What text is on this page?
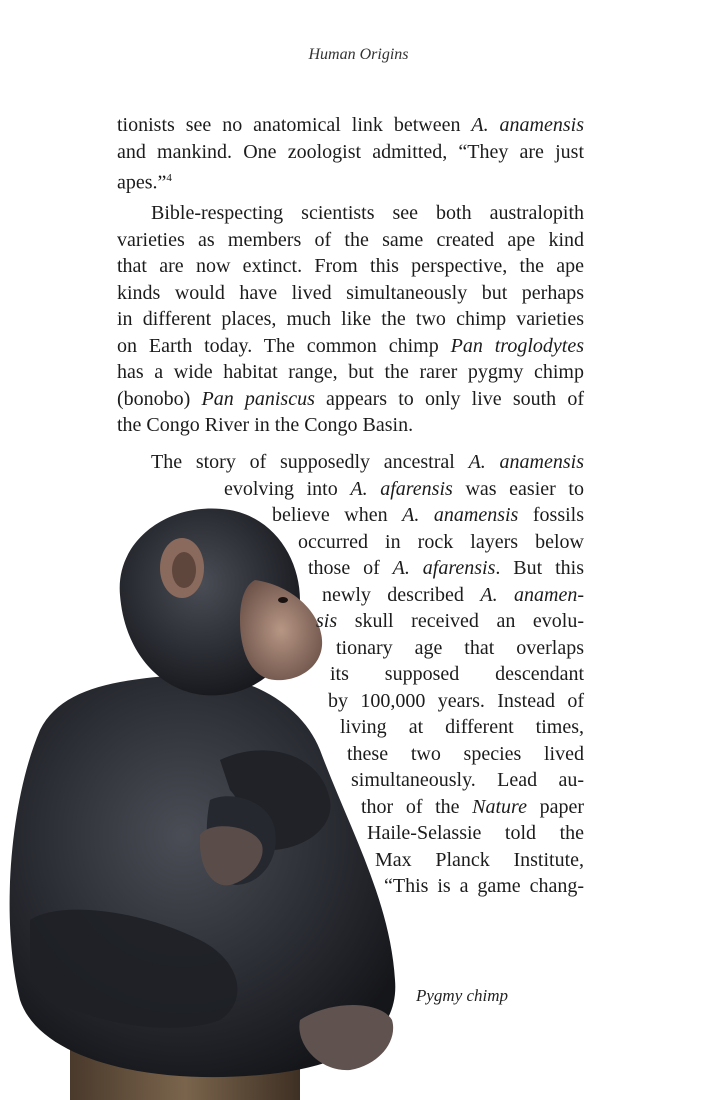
Human Origins
tionists see no anatomical link between A. anamensis
and mankind. One zoologist admitted, “They are just
apes.”$^4$
Bible-respecting scientists see both australopith
varieties as members of the same created ape kind
that are now extinct. From this perspective, the ape
kinds would have lived simultaneously but perhaps
in different places, much like the two chimp varieties
on Earth today. The common chimp Pan troglodytes
has a wide habitat range, but the rarer pygmy chimp
(bonobo) Pan paniscus appears to only live south of
the Congo River in the Congo Basin.
The story of supposedly ancestral A. anamensis
evolving into A. afarensis was easier to
believe when A. anamensis fossils
occurred in rock layers below
those of A. afarensis. But this
newly described A. anamen-
sis skull received an evolu-
tionary age that overlaps
its supposed descendant
by 100,000 years. Instead of
living at different times,
these two species lived
simultaneously. Lead au-
thor of the Nature paper
Haile-Selassie told the
Max Planck Institute,
“This is a game chang-
Pygmy chimp
